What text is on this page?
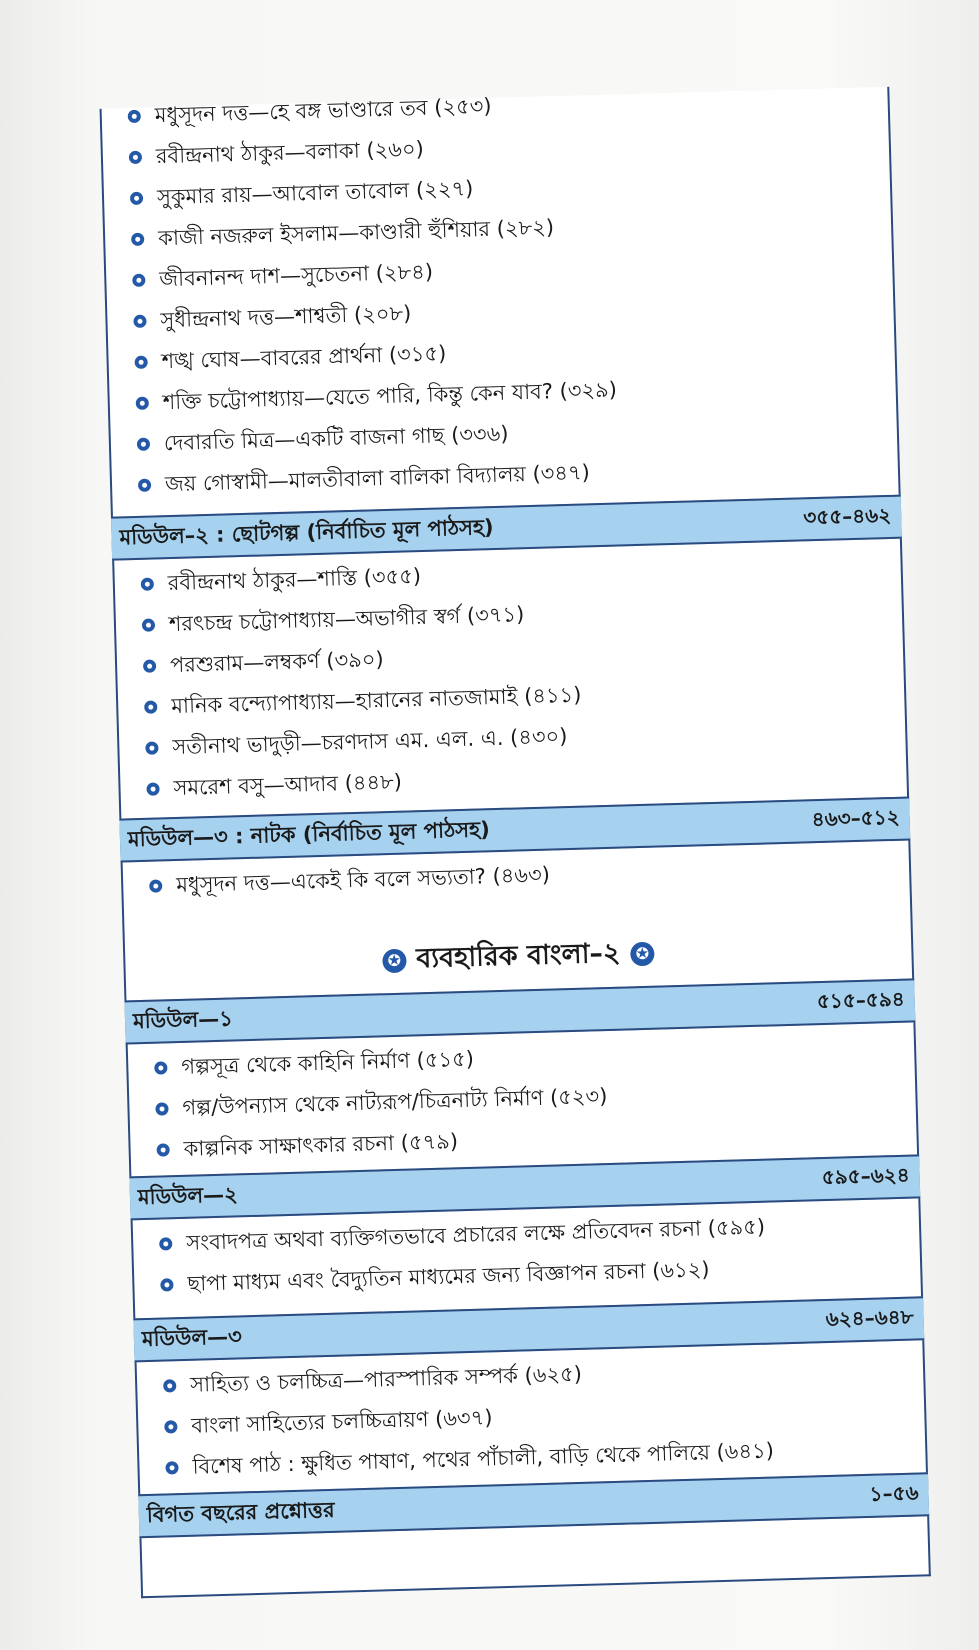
মধুসূদন দত্ত—হে বঙ্গ ভাণ্ডারে তব (২৫৩)
রবীন্দ্রনাথ ঠাকুর—বলাকা (২৬০)
সুকুমার রায়—আবোল তাবোল (২২৭)
কাজী নজরুল ইসলাম—কাণ্ডারী হুঁশিয়ার (২৮২)
জীবনানন্দ দাশ—সুচেতনা (২৮৪)
সুধীন্দ্রনাথ দত্ত—শাশ্বতী (২০৮)
শঙ্খ ঘোষ—বাবরের প্রার্থনা (৩১৫)
শক্তি চট্টোপাধ্যায়—যেতে পারি, কিন্তু কেন যাব? (৩২৯)
দেবারতি মিত্র—একটি বাজনা গাছ (৩৩৬)
জয় গোস্বামী—মালতীবালা বালিকা বিদ্যালয় (৩৪৭)
মডিউল–২ : ছোটগল্প (নির্বাচিত মূল পাঠসহ)	৩৫৫–৪৬২
রবীন্দ্রনাথ ঠাকুর—শাস্তি (৩৫৫)
শরৎচন্দ্র চট্টোপাধ্যায়—অভাগীর স্বর্গ (৩৭১)
পরশুরাম—লম্বকর্ণ (৩৯০)
মানিক বন্দ্যোপাধ্যায়—হারানের নাতজামাই (৪১১)
সতীনাথ ভাদুড়ী—চরণদাস এম. এল. এ. (৪৩০)
সমরেশ বসু—আদাব (৪৪৮)
মডিউল—৩ : নাটক (নির্বাচিত মূল পাঠসহ)	৪৬৩–৫১২
মধুসূদন দত্ত—একেই কি বলে সভ্যতা? (৪৬৩)
✪ ব্যবহারিক বাংলা–২ ✪
মডিউল—১
৫১৫–৫৯৪
গল্পসূত্র থেকে কাহিনি নির্মাণ (৫১৫)
গল্প/উপন্যাস থেকে নাট্যরূপ/চিত্রনাট্য নির্মাণ (৫২৩)
কাল্পনিক সাক্ষাৎকার রচনা (৫৭৯)
মডিউল—২
৫৯৫–৬২৪
সংবাদপত্র অথবা ব্যক্তিগতভাবে প্রচারের লক্ষে প্রতিবেদন রচনা (৫৯৫)
ছাপা মাধ্যম এবং বৈদ্যুতিন মাধ্যমের জন্য বিজ্ঞাপন রচনা (৬১২)
মডিউল—৩
৬২৪–৬৪৮
সাহিত্য ও চলচ্চিত্র—পারস্পারিক সম্পর্ক (৬২৫)
বাংলা সাহিত্যের চলচ্চিত্রায়ণ (৬৩৭)
বিশেষ পাঠ : ক্ষুধিত পাষাণ, পথের পাঁচালী, বাড়ি থেকে পালিয়ে (৬৪১)
বিগত বছরের প্রশ্নোত্তর
১–৫৬
